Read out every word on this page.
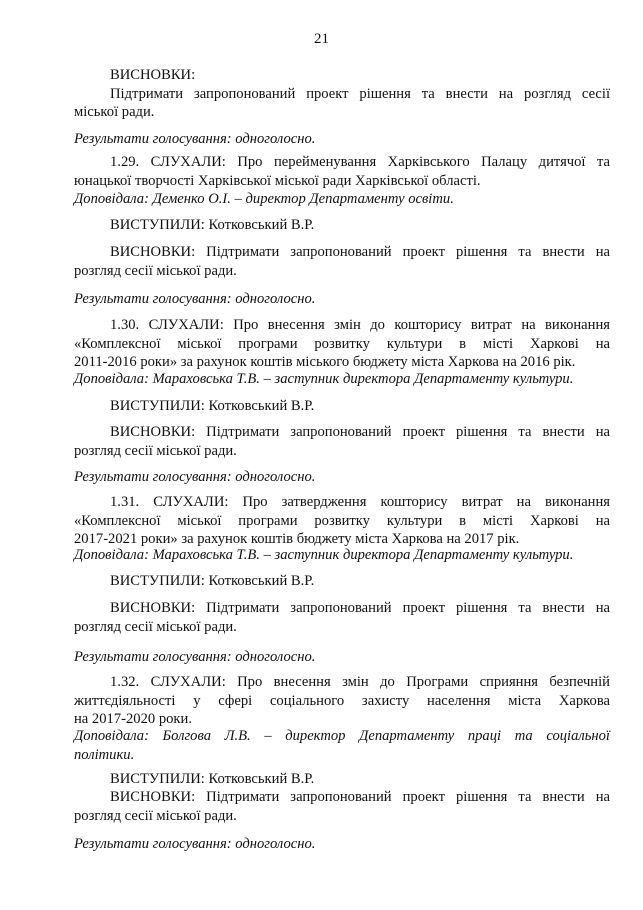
21
ВИСНОВКИ:
Підтримати запропонований проект рішення та внести на розгляд сесії
міської ради.
Результати голосування: одноголосно.
1.29. СЛУХАЛИ: Про перейменування Харківського Палацу дитячої та
юнацької творчості Харківської міської ради Харківської області.
Доповідала: Деменко О.І. – директор Департаменту освіти.
ВИСТУПИЛИ: Котковський В.Р.
ВИСНОВКИ: Підтримати запропонований проект рішення та внести на
розгляд сесії міської ради.
Результати голосування: одноголосно.
1.30. СЛУХАЛИ: Про внесення змін до кошторису витрат на виконання
«Комплексної міської програми розвитку культури в місті Харкові на
2011-2016 роки» за рахунок коштів міського бюджету міста Харкова на 2016 рік.
Доповідала: Мараховська Т.В. – заступник директора Департаменту культури.
ВИСТУПИЛИ: Котковський В.Р.
ВИСНОВКИ: Підтримати запропонований проект рішення та внести на
розгляд сесії міської ради.
Результати голосування: одноголосно.
1.31. СЛУХАЛИ: Про затвердження кошторису витрат на виконання
«Комплексної міської програми розвитку культури в місті Харкові на
2017-2021 роки» за рахунок коштів бюджету міста Харкова на 2017 рік.
Доповідала: Мараховська Т.В. – заступник директора Департаменту культури.
ВИСТУПИЛИ: Котковський В.Р.
ВИСНОВКИ: Підтримати запропонований проект рішення та внести на
розгляд сесії міської ради.
Результати голосування: одноголосно.
1.32. СЛУХАЛИ: Про внесення змін до Програми сприяння безпечній
життєдіяльності у сфері соціального захисту населення міста Харкова
на 2017-2020 роки.
Доповідала: Болгова Л.В. – директор Департаменту праці та соціальної
політики.
ВИСТУПИЛИ: Котковський В.Р.
ВИСНОВКИ: Підтримати запропонований проект рішення та внести на
розгляд сесії міської ради.
Результати голосування: одноголосно.
